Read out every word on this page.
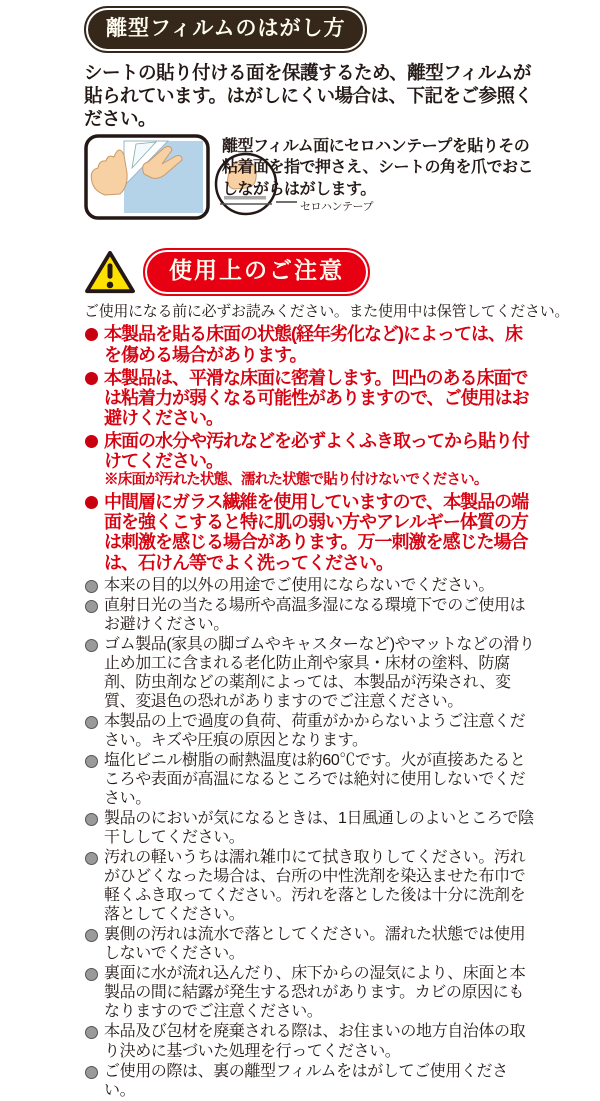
離型フィルムのはがし方

シートの貼り付ける面を保護するため、離型フィルムが貼られています。はがしにくい場合は、下記をご参照ください。

離型フィルム面にセロハンテープを貼りその粘着面を指で押さえ、シートの角を爪でおこしながらはがします。
セロハンテープ
使用上のご注意

ご使用になる前に必ずお読みください。また使用中は保管してください。

本製品を貼る床面の状態(経年劣化など)によっては、床を傷める場合があります。
本製品は、平滑な床面に密着します。凹凸のある床面では粘着力が弱くなる可能性がありますので、ご使用はお避けください。
床面の水分や汚れなどを必ずよくふき取ってから貼り付けてください。
※床面が汚れた状態、濡れた状態で貼り付けないでください。
中間層にガラス繊維を使用していますので、本製品の端面を強くこすると特に肌の弱い方やアレルギー体質の方は刺激を感じる場合があります。万一刺激を感じた場合は、石けん等でよく洗ってください。
本来の目的以外の用途でご使用にならないでください。
直射日光の当たる場所や高温多湿になる環境下でのご使用はお避けください。
ゴム製品(家具の脚ゴムやキャスターなど)やマットなどの滑り止め加工に含まれる老化防止剤や家具・床材の塗料、防腐剤、防虫剤などの薬剤によっては、本製品が汚染され、変質、変退色の恐れがありますのでご注意ください。
本製品の上で過度の負荷、荷重がかからないようご注意ください。キズや圧痕の原因となります。
塩化ビニル樹脂の耐熱温度は約60℃です。火が直接あたるところや表面が高温になるところでは絶対に使用しないでください。
製品のにおいが気になるときは、1日風通しのよいところで陰干ししてください。
汚れの軽いうちは濡れ雑巾にて拭き取りしてください。汚れがひどくなった場合は、台所の中性洗剤を染込ませた布巾で軽くふき取ってください。汚れを落とした後は十分に洗剤を落としてください。
裏側の汚れは流水で落としてください。濡れた状態では使用しないでください。
裏面に水が流れ込んだり、床下からの湿気により、床面と本製品の間に結露が発生する恐れがあります。カビの原因にもなりますのでご注意ください。
本品及び包材を廃棄される際は、お住まいの地方自治体の取り決めに基づいた処理を行ってください。
ご使用の際は、裏の離型フィルムをはがしてご使用ください。
